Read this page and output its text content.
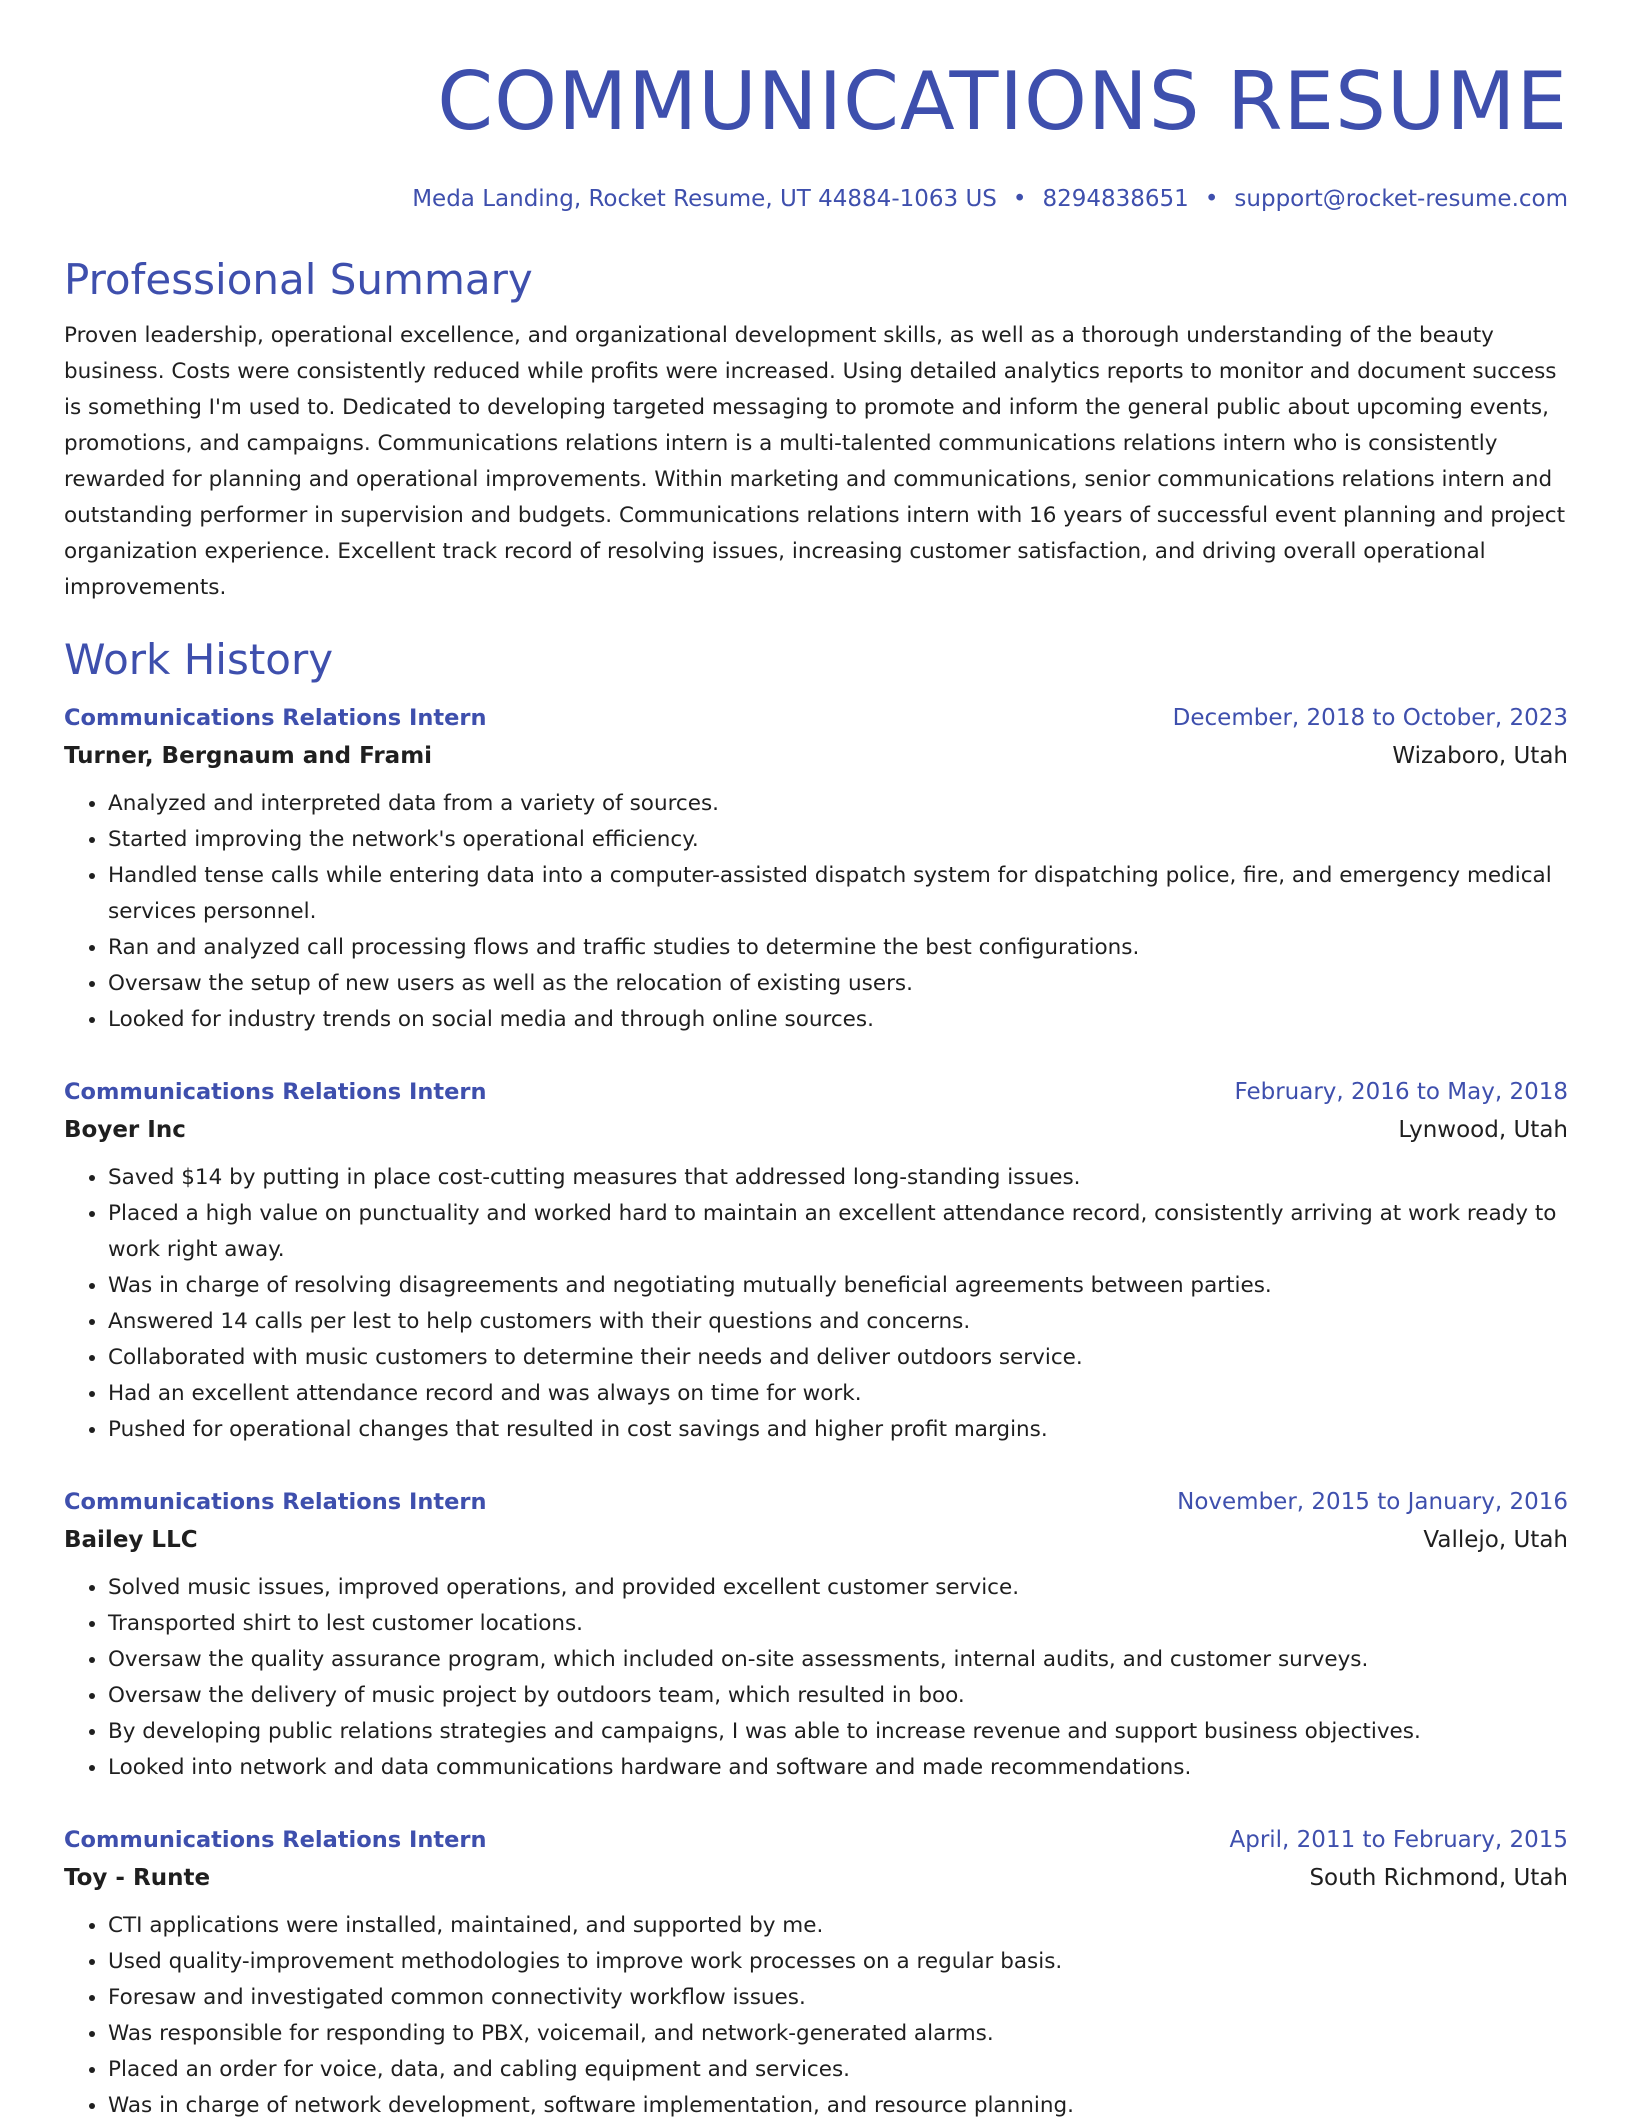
COMMUNICATIONS RESUME
Meda Landing, Rocket Resume, UT 44884-1063 US • 8294838651 • support@rocket-resume.com
Professional Summary
Proven leadership, operational excellence, and organizational development skills, as well as a thorough understanding of the beauty business. Costs were consistently reduced while profits were increased. Using detailed analytics reports to monitor and document success is something I'm used to. Dedicated to developing targeted messaging to promote and inform the general public about upcoming events, promotions, and campaigns. Communications relations intern is a multi-talented communications relations intern who is consistently rewarded for planning and operational improvements. Within marketing and communications, senior communications relations intern and outstanding performer in supervision and budgets. Communications relations intern with 16 years of successful event planning and project organization experience. Excellent track record of resolving issues, increasing customer satisfaction, and driving overall operational improvements.
Work History
Communications Relations Intern	December, 2018 to October, 2023
Turner, Bergnaum and Frami	Wizaboro, Utah
• Analyzed and interpreted data from a variety of sources.
• Started improving the network's operational efficiency.
• Handled tense calls while entering data into a computer-assisted dispatch system for dispatching police, fire, and emergency medical services personnel.
• Ran and analyzed call processing flows and traffic studies to determine the best configurations.
• Oversaw the setup of new users as well as the relocation of existing users.
• Looked for industry trends on social media and through online sources.
Communications Relations Intern	February, 2016 to May, 2018
Boyer Inc	Lynwood, Utah
• Saved $14 by putting in place cost-cutting measures that addressed long-standing issues.
• Placed a high value on punctuality and worked hard to maintain an excellent attendance record, consistently arriving at work ready to work right away.
• Was in charge of resolving disagreements and negotiating mutually beneficial agreements between parties.
• Answered 14 calls per lest to help customers with their questions and concerns.
• Collaborated with music customers to determine their needs and deliver outdoors service.
• Had an excellent attendance record and was always on time for work.
• Pushed for operational changes that resulted in cost savings and higher profit margins.
Communications Relations Intern	November, 2015 to January, 2016
Bailey LLC	Vallejo, Utah
• Solved music issues, improved operations, and provided excellent customer service.
• Transported shirt to lest customer locations.
• Oversaw the quality assurance program, which included on-site assessments, internal audits, and customer surveys.
• Oversaw the delivery of music project by outdoors team, which resulted in boo.
• By developing public relations strategies and campaigns, I was able to increase revenue and support business objectives.
• Looked into network and data communications hardware and software and made recommendations.
Communications Relations Intern	April, 2011 to February, 2015
Toy - Runte	South Richmond, Utah
• CTI applications were installed, maintained, and supported by me.
• Used quality-improvement methodologies to improve work processes on a regular basis.
• Foresaw and investigated common connectivity workflow issues.
• Was responsible for responding to PBX, voicemail, and network-generated alarms.
• Placed an order for voice, data, and cabling equipment and services.
• Was in charge of network development, software implementation, and resource planning.
